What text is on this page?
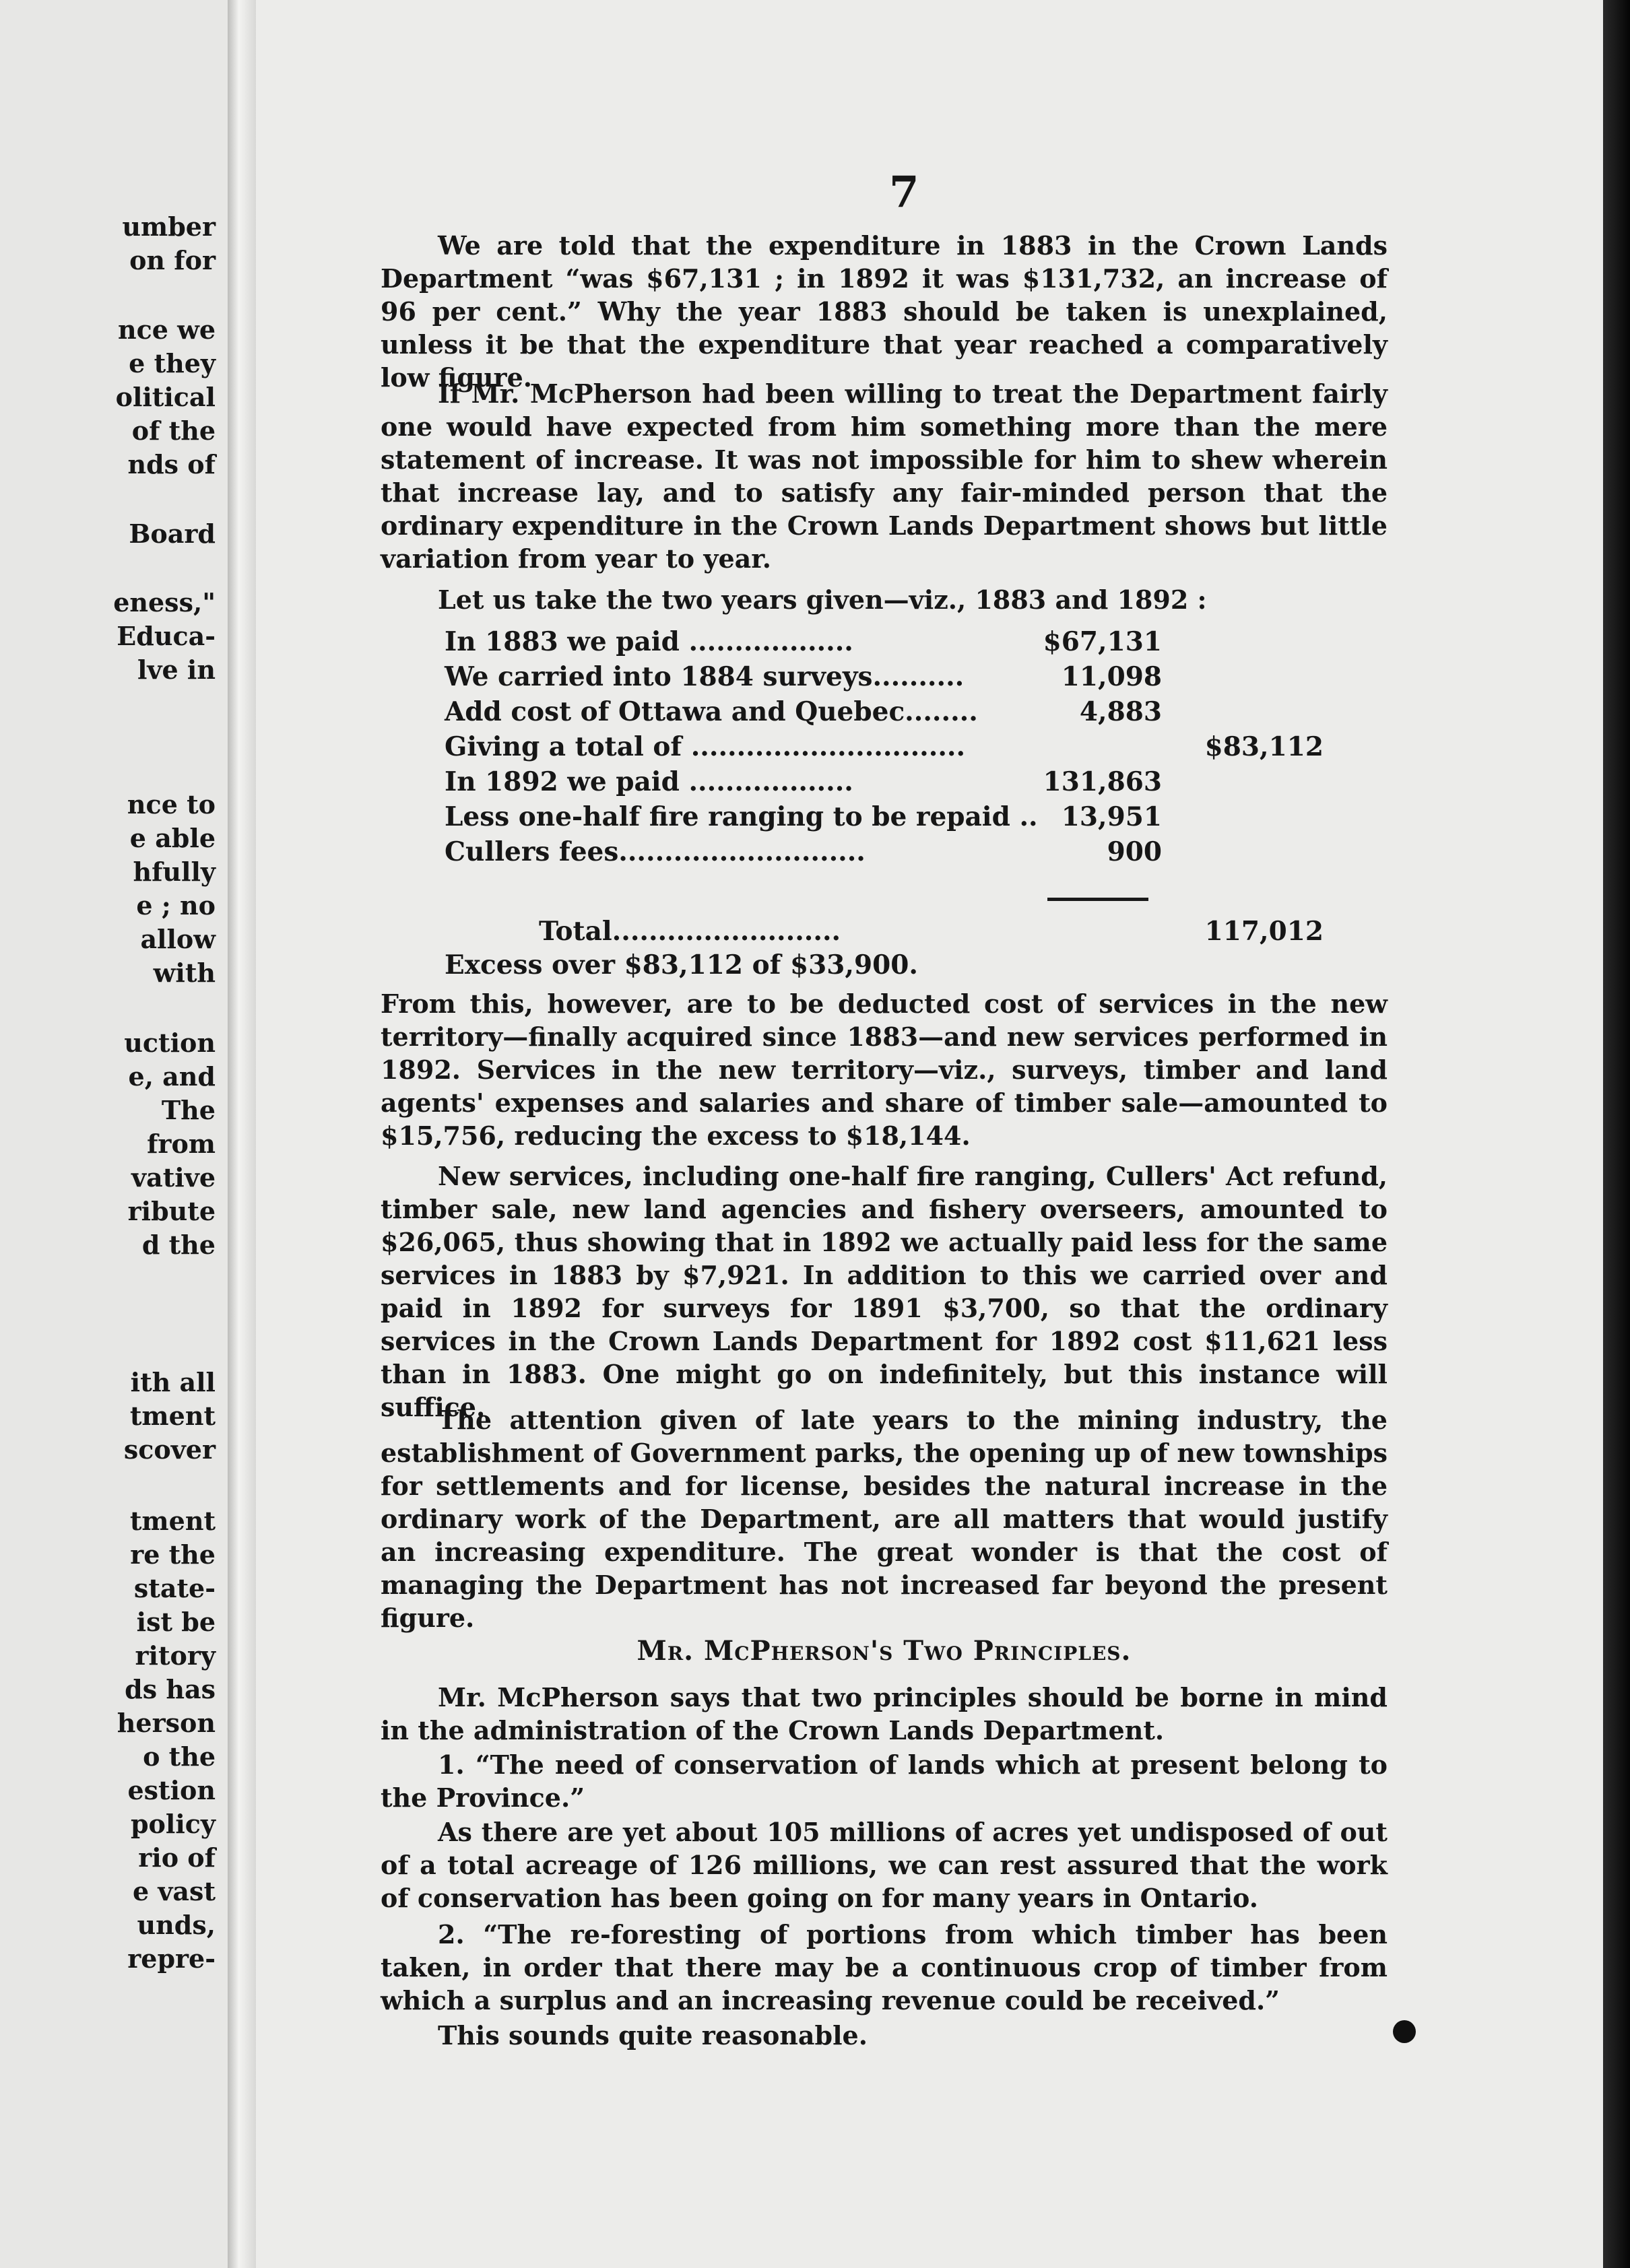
umber
on for
nce we
e they
olitical
of the
nds of
Board
eness,"
Educa-
lve in
nce to
e able
hfully
e ; no
allow
with
uction
e, and
The
from
vative
ribute
d the
ith all
tment
scover
tment
re the
state-
ist be
ritory
ds has
herson
o the
estion
policy
rio of
e vast
unds,
repre-
7

We are told that the expenditure in 1883 in the Crown Lands Department “was $67,131 ; in 1892 it was $131,732, an increase of 96 per cent.” Why the year 1883 should be taken is unexplained, unless it be that the expenditure that year reached a comparatively low figure.

If Mr. McPherson had been willing to treat the Department fairly one would have expected from him something more than the mere statement of increase. It was not impossible for him to shew wherein that increase lay, and to satisfy any fair-minded person that the ordinary expenditure in the Crown Lands Department shows but little variation from year to year.

Let us take the two years given—viz., 1883 and 1892 :

In 1883 we paid ..................	$67,131
We carried into 1884 surveys..........	11,098
Add cost of Ottawa and Quebec........	4,883
Giving a total of ..............................	$83,112
In 1892 we paid ..................	131,863
Less one-half fire ranging to be repaid .. 13,951
Cullers fees...........................	900
Total.........................	117,012
Excess over $83,112 of $33,900.

From this, however, are to be deducted cost of services in the new territory—finally acquired since 1883—and new services performed in 1892. Services in the new territory—viz., surveys, timber and land agents' expenses and salaries and share of timber sale—amounted to $15,756, reducing the excess to $18,144.

New services, including one-half fire ranging, Cullers' Act refund, timber sale, new land agencies and fishery overseers, amounted to $26,065, thus showing that in 1892 we actually paid less for the same services in 1883 by $7,921. In addition to this we carried over and paid in 1892 for surveys for 1891 $3,700, so that the ordinary services in the Crown Lands Department for 1892 cost $11,621 less than in 1883. One might go on indefinitely, but this instance will suffice.

The attention given of late years to the mining industry, the establishment of Government parks, the opening up of new townships for settlements and for license, besides the natural increase in the ordinary work of the Department, are all matters that would justify an increasing expenditure. The great wonder is that the cost of managing the Department has not increased far beyond the present figure.

Mr. McPherson's Two Principles.

Mr. McPherson says that two principles should be borne in mind in the administration of the Crown Lands Department.

1. “The need of conservation of lands which at present belong to the Province.”

As there are yet about 105 millions of acres yet undisposed of out of a total acreage of 126 millions, we can rest assured that the work of conservation has been going on for many years in Ontario.

2. “The re-foresting of portions from which timber has been taken, in order that there may be a continuous crop of timber from which a surplus and an increasing revenue could be received.”

This sounds quite reasonable.
